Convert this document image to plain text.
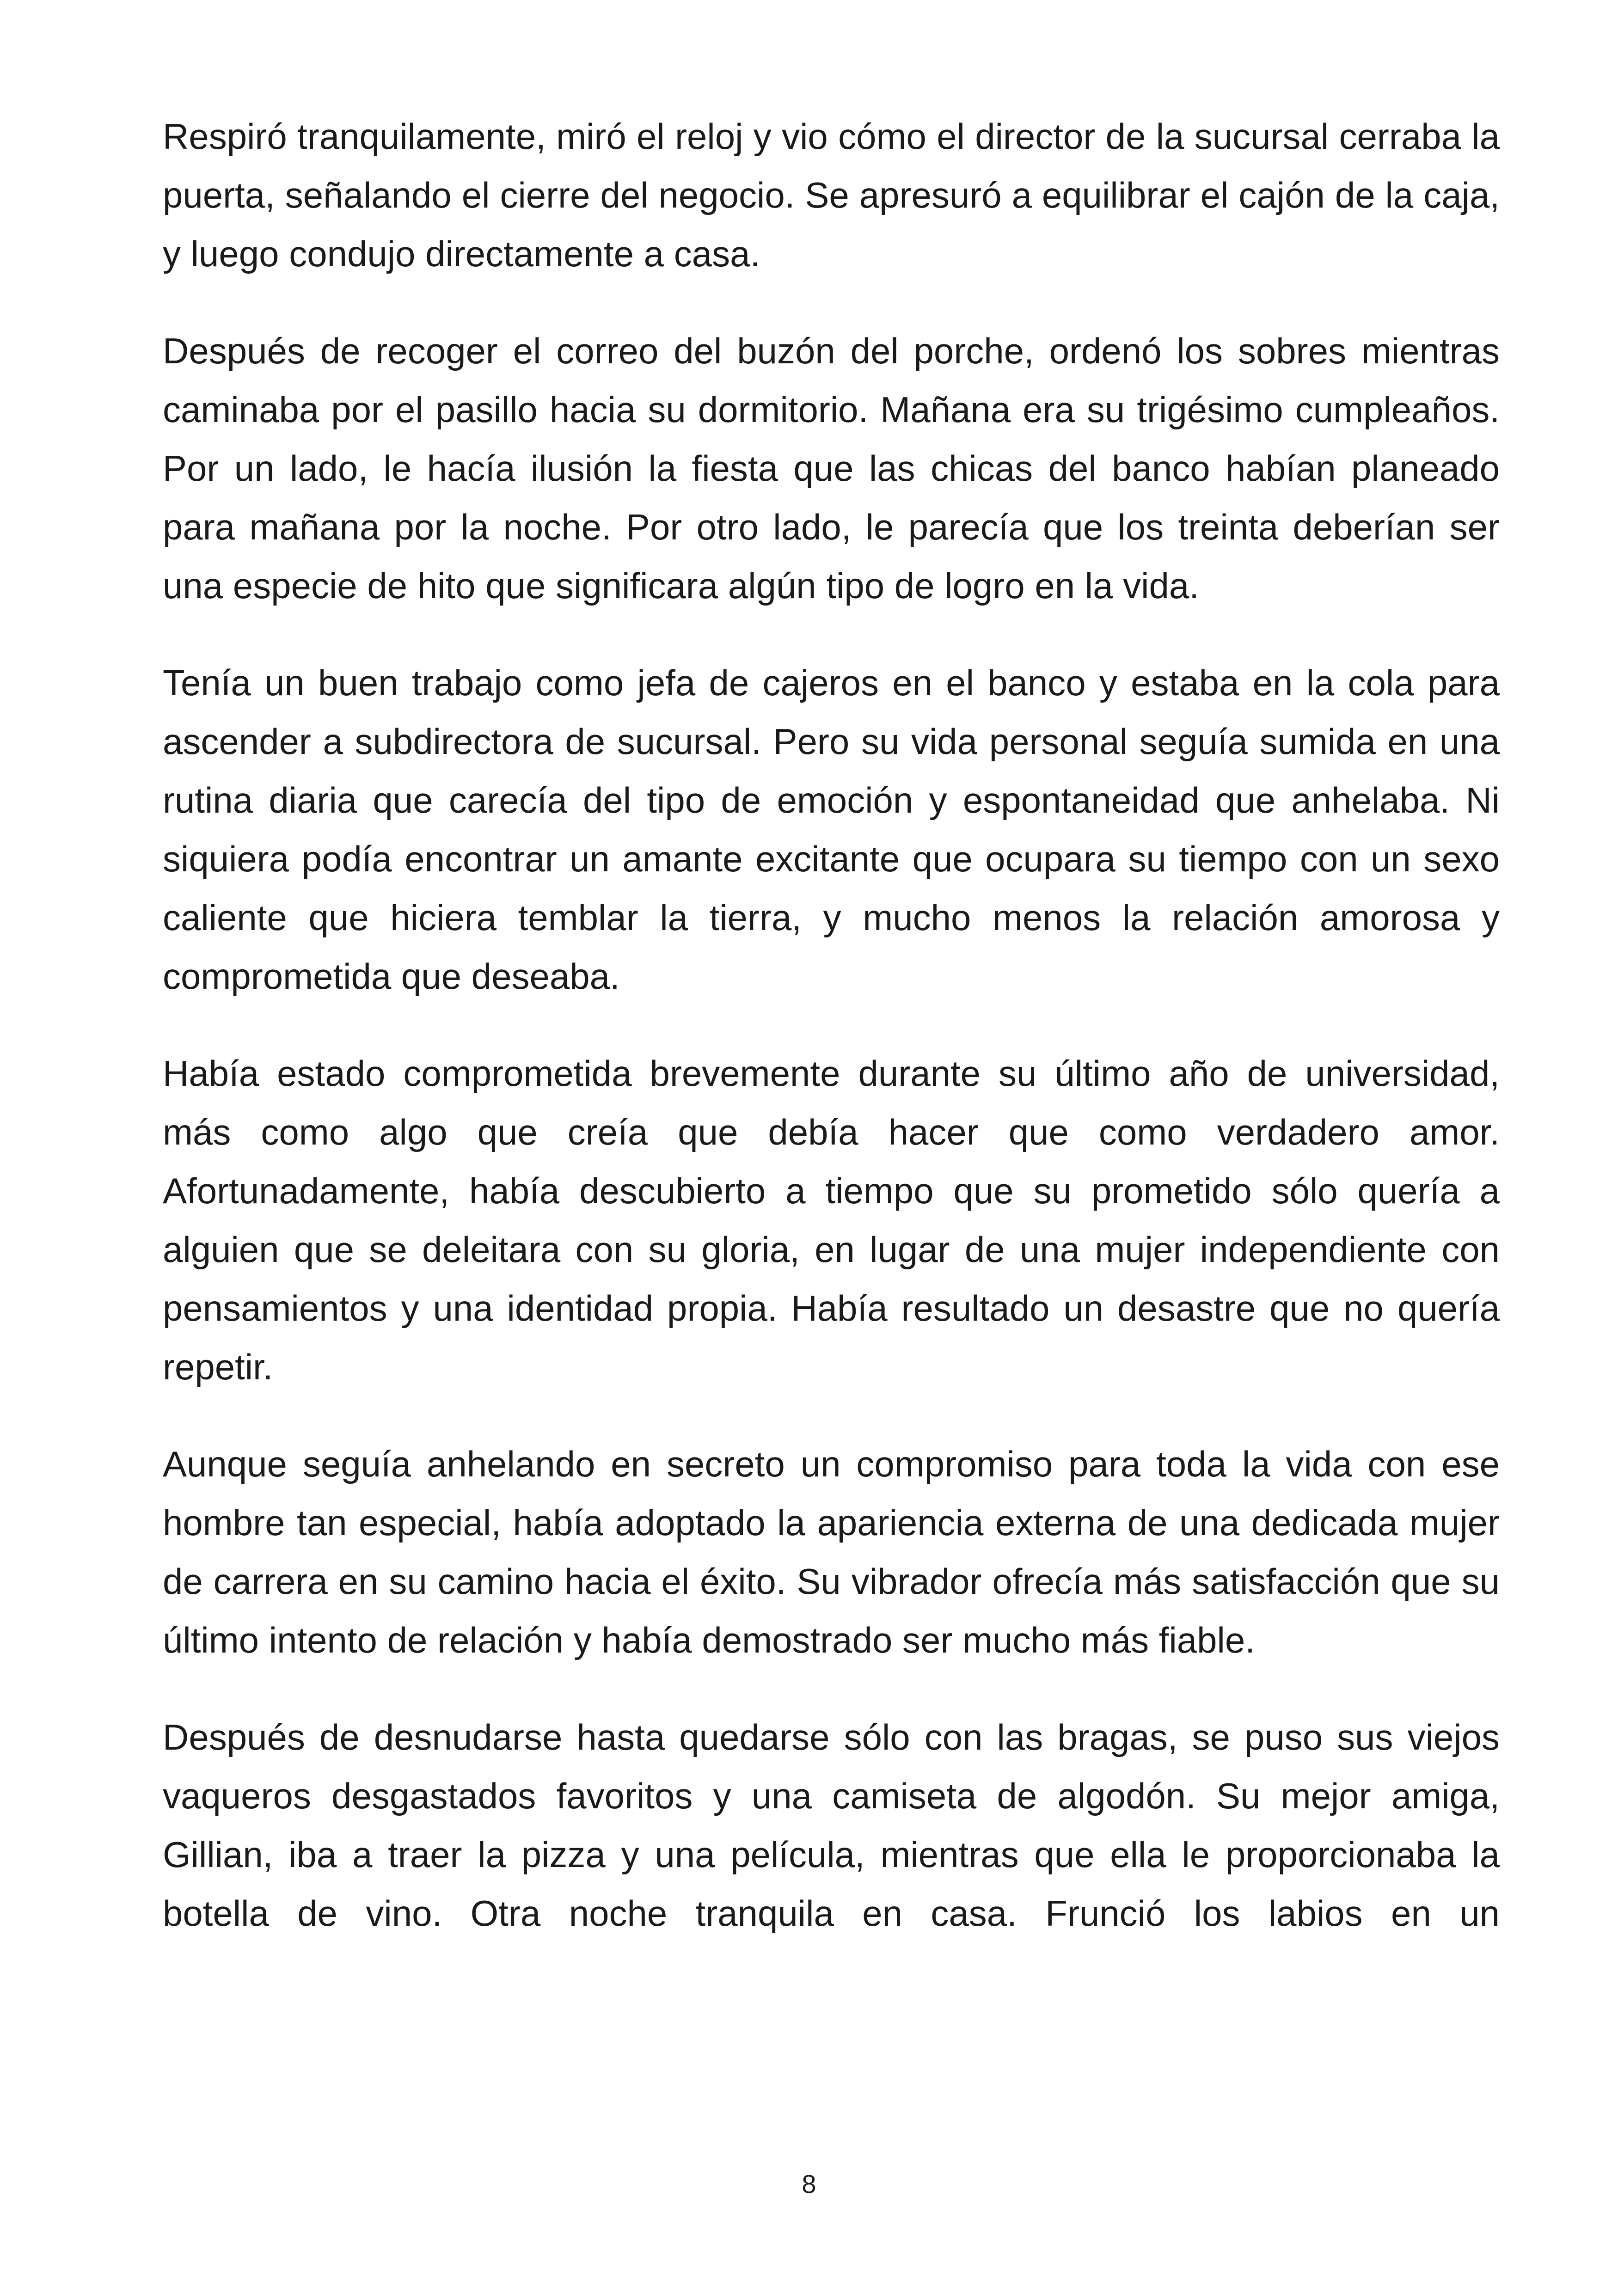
Respiró tranquilamente, miró el reloj y vio cómo el director de la sucursal cerraba la puerta, señalando el cierre del negocio. Se apresuró a equilibrar el cajón de la caja, y luego condujo directamente a casa.

Después de recoger el correo del buzón del porche, ordenó los sobres mientras caminaba por el pasillo hacia su dormitorio. Mañana era su trigésimo cumpleaños. Por un lado, le hacía ilusión la fiesta que las chicas del banco habían planeado para mañana por la noche. Por otro lado, le parecía que los treinta deberían ser una especie de hito que significara algún tipo de logro en la vida.

Tenía un buen trabajo como jefa de cajeros en el banco y estaba en la cola para ascender a subdirectora de sucursal. Pero su vida personal seguía sumida en una rutina diaria que carecía del tipo de emoción y espontaneidad que anhelaba. Ni siquiera podía encontrar un amante excitante que ocupara su tiempo con un sexo caliente que hiciera temblar la tierra, y mucho menos la relación amorosa y comprometida que deseaba.

Había estado comprometida brevemente durante su último año de universidad, más como algo que creía que debía hacer que como verdadero amor. Afortunadamente, había descubierto a tiempo que su prometido sólo quería a alguien que se deleitara con su gloria, en lugar de una mujer independiente con pensamientos y una identidad propia. Había resultado un desastre que no quería repetir.

Aunque seguía anhelando en secreto un compromiso para toda la vida con ese hombre tan especial, había adoptado la apariencia externa de una dedicada mujer de carrera en su camino hacia el éxito. Su vibrador ofrecía más satisfacción que su último intento de relación y había demostrado ser mucho más fiable.

Después de desnudarse hasta quedarse sólo con las bragas, se puso sus viejos vaqueros desgastados favoritos y una camiseta de algodón. Su mejor amiga, Gillian, iba a traer la pizza y una película, mientras que ella le proporcionaba la botella de vino. Otra noche tranquila en casa. Frunció los labios en un

8
